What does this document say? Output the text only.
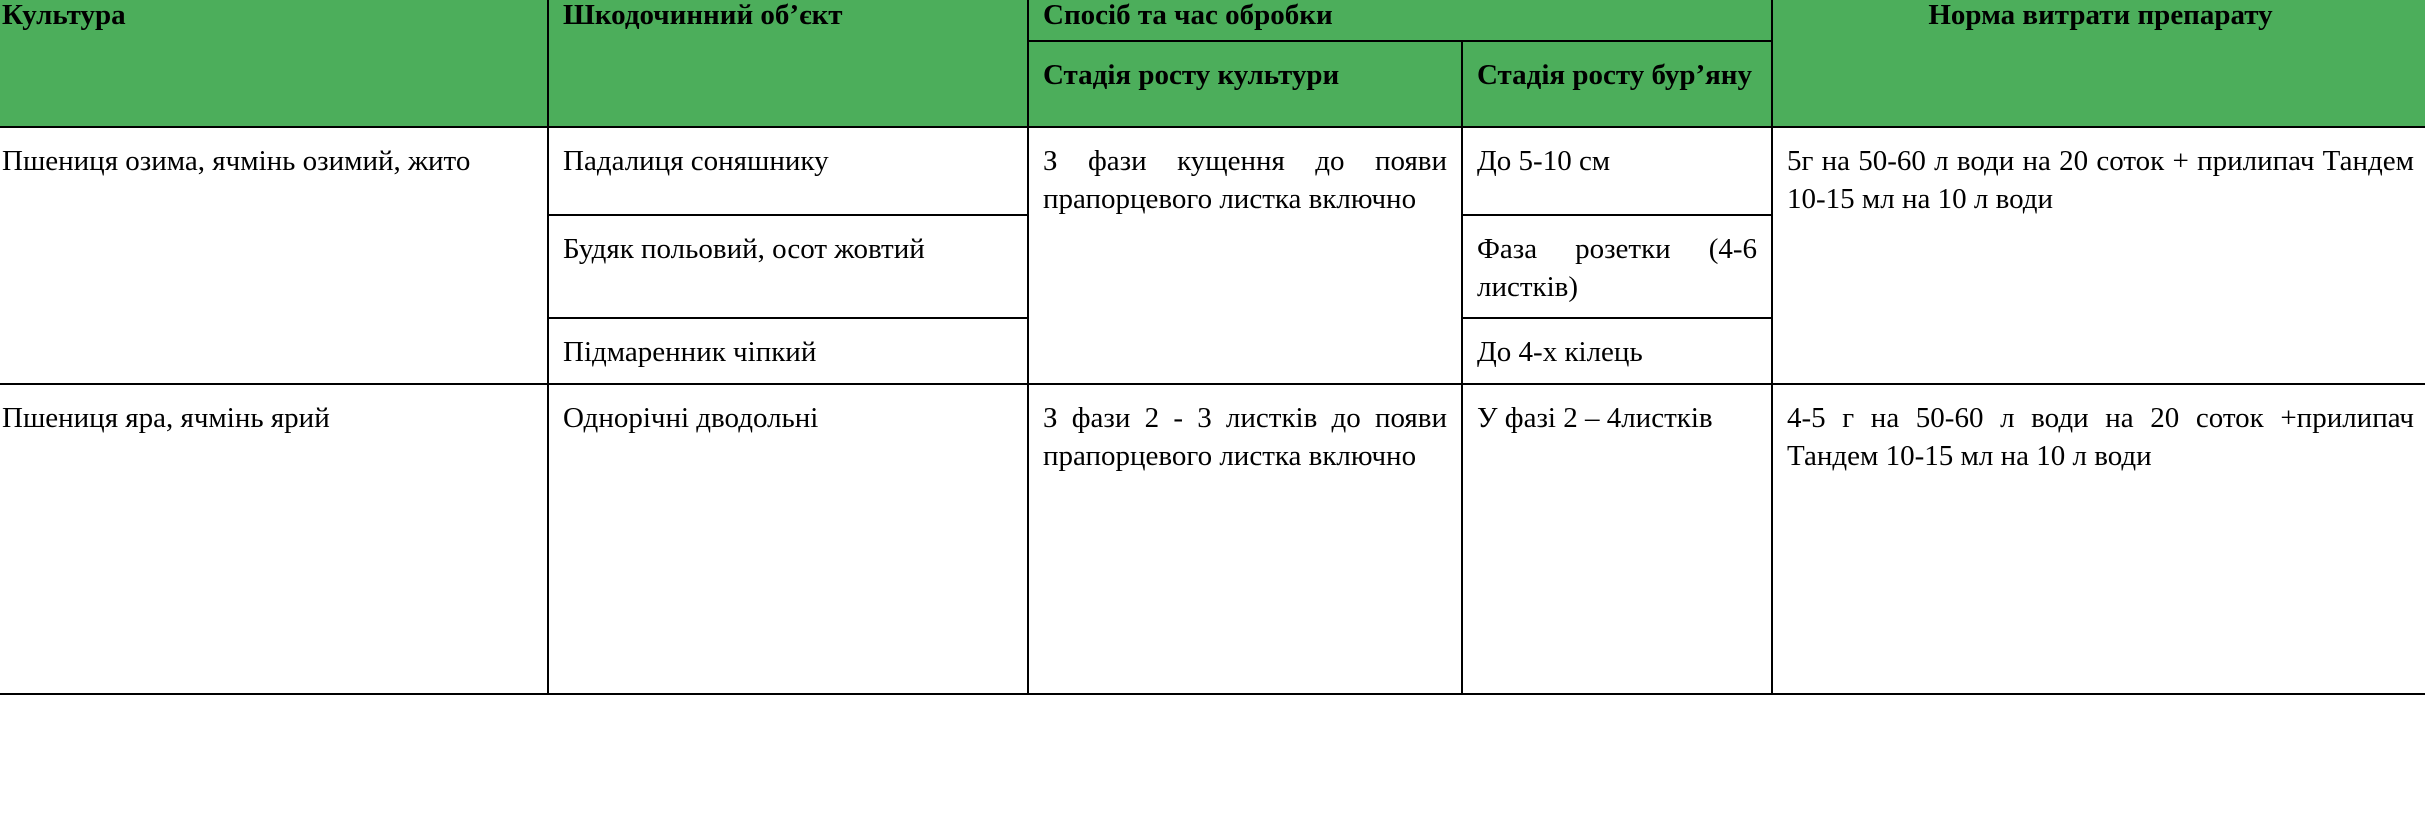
Культура	Шкодочинний об’єкт	Спосіб та час обробки		Норма витрати препарату
		Стадія росту культури	Стадія росту бур’яну	
Пшениця озима, ячмінь озимий, жито	Падалиця соняшнику	З фази кущення до появи прапорцевого листка включно	До 5-10 см	5г на 50-60 л води на 20 соток + прилипач Тандем 10-15 мл на 10 л води
	Будяк польовий, осот жовтий		Фаза розетки (4-6 листків)	
	Підмаренник чіпкий		До 4-х кілець	
Пшениця яра, ячмінь ярий	Однорічні дводольні	З фази 2 - 3 листків до появи прапорцевого листка включно	У фазі 2 – 4листків	4-5 г на 50-60 л води на 20 соток +прилипач Тандем 10-15 мл на 10 л води
